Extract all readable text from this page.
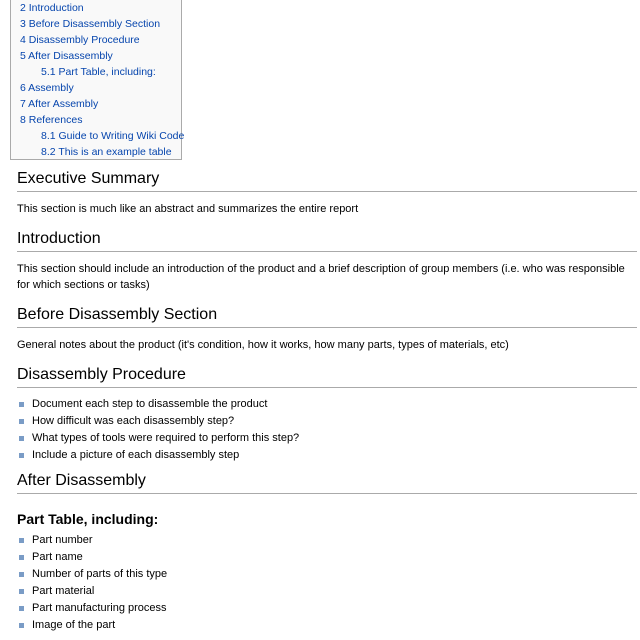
2 Introduction
3 Before Disassembly Section
4 Disassembly Procedure
5 After Disassembly
5.1 Part Table, including:
6 Assembly
7 After Assembly
8 References
8.1 Guide to Writing Wiki Code
8.2 This is an example table
Executive Summary

This section is much like an abstract and summarizes the entire report

Introduction

This section should include an introduction of the product and a brief description of group members (i.e. who was responsible for which sections or tasks)

Before Disassembly Section

General notes about the product (it's condition, how it works, how many parts, types of materials, etc)

Disassembly Procedure
Document each step to disassemble the product
How difficult was each disassembly step?
What types of tools were required to perform this step?
Include a picture of each disassembly step
After Disassembly
Part Table, including:
Part number
Part name
Number of parts of this type
Part material
Part manufacturing process
Image of the part
